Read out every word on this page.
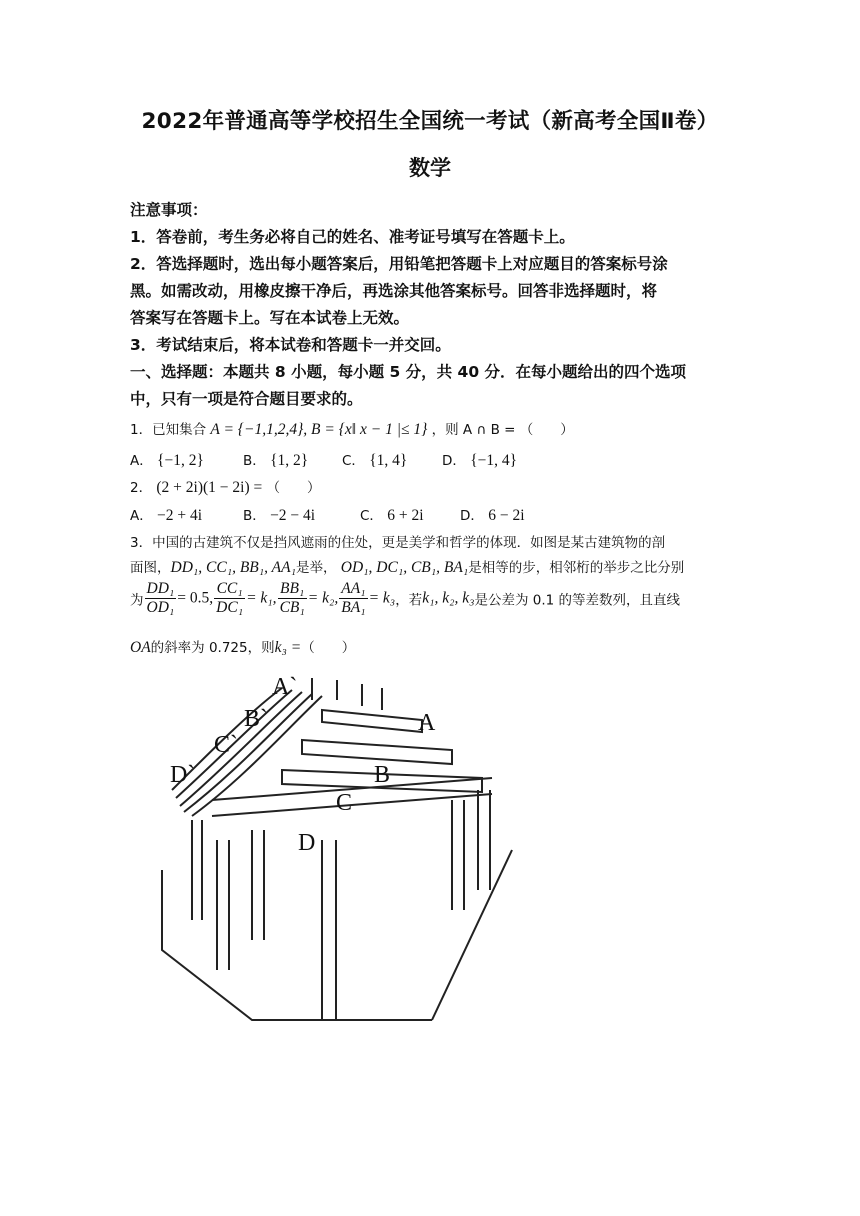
2022年普通高等学校招生全国统一考试（新高考全国Ⅱ卷）
数学
注意事项：
1．答卷前，考生务必将自己的姓名、准考证号填写在答题卡上。
2．答选择题时，选出每小题答案后，用铅笔把答题卡上对应题目的答案标号涂
黑。如需改动，用橡皮擦干净后，再选涂其他答案标号。回答非选择题时，将
答案写在答题卡上。写在本试卷上无效。
3．考试结束后，将本试卷和答题卡一并交回。
一、选择题：本题共 8 小题，每小题 5 分，共 40 分．在每小题给出的四个选项
中，只有一项是符合题目要求的。
1．已知集合 A = {−1,1,2,4}, B = {x‖ x − 1 |≤ 1} ，则 A ∩ B = （　　）
A． {−1, 2}	B． {1, 2}	C． {1, 4}	D． {−1, 4}
2． (2 + 2i)(1 − 2i) = （　　）
A． −2 + 4i	B． −2 − 4i	C． 6 + 2i	D． 6 − 2i
3．中国的古建筑不仅是挡风遮雨的住处，更是美学和哲学的体现．如图是某古建筑物的剖
面图，DD₁, CC₁, BB₁, AA₁是举， OD₁, DC₁, CB₁, BA₁是相等的步，相邻桁的举步之比分别
为 $\frac{\text{DD₁}}{\text{OD₁}} = 0.5$, $\frac{\text{CC₁}}{\text{DC₁}} = k_1$, $\frac{\text{BB₁}}{\text{CB₁}} = k_2$, $\frac{\text{AA₁}}{\text{BA₁}} = k_3$，若k₁, k₂, k₃是公差为 0.1 的等差数列，且直线
OA的斜率为 0.725，则k₃ =（　　）
A`
B`
C`
D`
A
B
C
D
